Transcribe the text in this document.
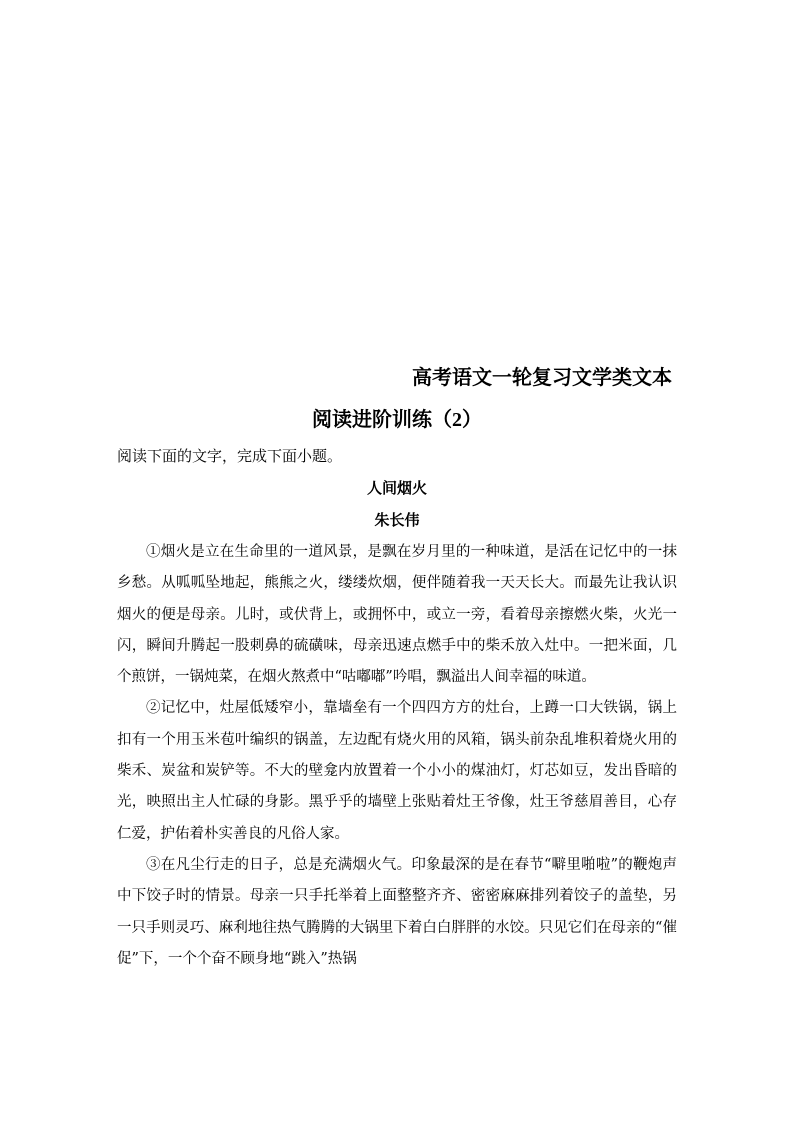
高考语文一轮复习文学类文本
阅读进阶训练（2）
阅读下面的文字，完成下面小题。
人间烟火
朱长伟

①烟火是立在生命里的一道风景，是飘在岁月里的一种味道，是活在记忆中的一抹乡愁。从呱呱坠地起，熊熊之火，缕缕炊烟，便伴随着我一天天长大。而最先让我认识烟火的便是母亲。儿时，或伏背上，或拥怀中，或立一旁，看着母亲擦燃火柴，火光一闪，瞬间升腾起一股刺鼻的硫磺味，母亲迅速点燃手中的柴禾放入灶中。一把米面，几个煎饼，一锅炖菜，在烟火熬煮中“咕嘟嘟”吟唱，飘溢出人间幸福的味道。

②记忆中，灶屋低矮窄小，靠墙垒有一个四四方方的灶台，上蹲一口大铁锅，锅上扣有一个用玉米苞叶编织的锅盖，左边配有烧火用的风箱，锅头前杂乱堆积着烧火用的柴禾、炭盆和炭铲等。不大的壁龛内放置着一个小小的煤油灯，灯芯如豆，发出昏暗的光，映照出主人忙碌的身影。黑乎乎的墙壁上张贴着灶王爷像，灶王爷慈眉善目，心存仁爱，护佑着朴实善良的凡俗人家。

③在凡尘行走的日子，总是充满烟火气。印象最深的是在春节“噼里啪啦”的鞭炮声中下饺子时的情景。母亲一只手托举着上面整整齐齐、密密麻麻排列着饺子的盖垫，另一只手则灵巧、麻利地往热气腾腾的大锅里下着白白胖胖的水饺。只见它们在母亲的“催促”下，一个个奋不顾身地“跳入”热锅
